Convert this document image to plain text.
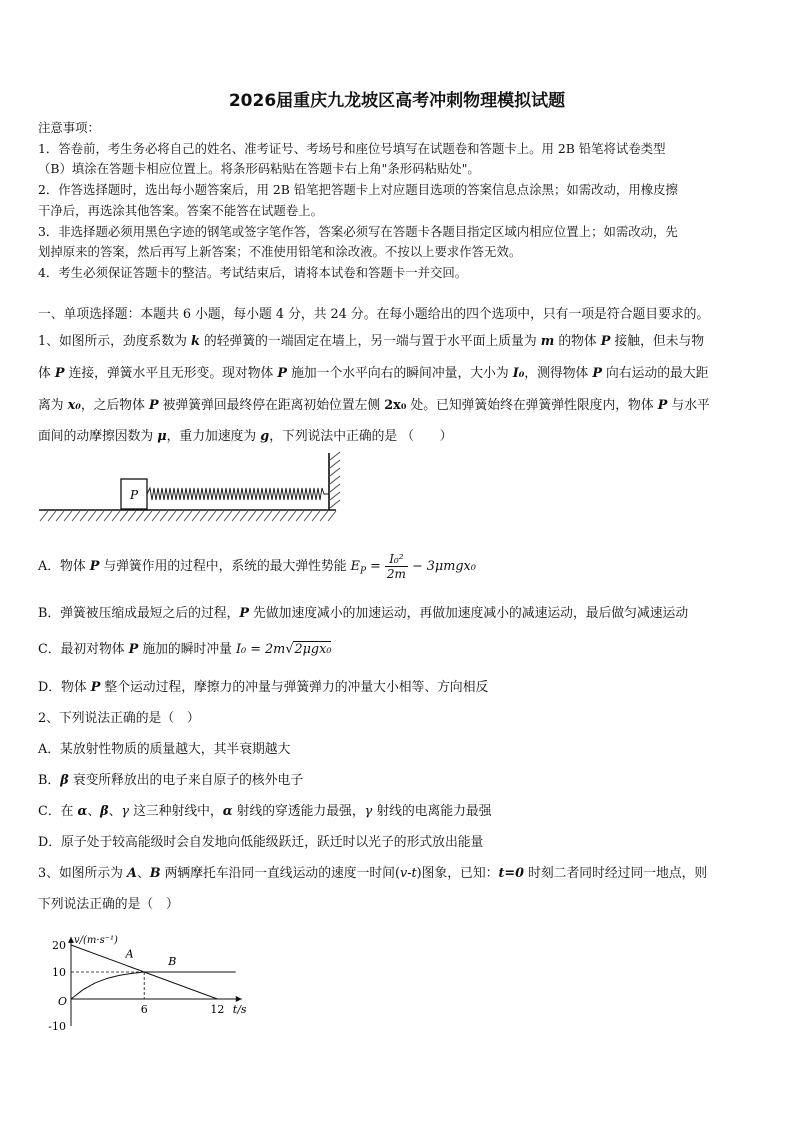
2026届重庆九龙坡区高考冲刺物理模拟试题
注意事项：
1．答卷前，考生务必将自己的姓名、准考证号、考场号和座位号填写在试题卷和答题卡上。用 2B 铅笔将试卷类型
（B）填涂在答题卡相应位置上。将条形码粘贴在答题卡右上角"条形码粘贴处"。
2．作答选择题时，选出每小题答案后，用 2B 铅笔把答题卡上对应题目选项的答案信息点涂黑；如需改动，用橡皮擦
干净后，再选涂其他答案。答案不能答在试题卷上。
3．非选择题必须用黑色字迹的钢笔或签字笔作答，答案必须写在答题卡各题目指定区域内相应位置上；如需改动，先
划掉原来的答案，然后再写上新答案；不准使用铅笔和涂改液。不按以上要求作答无效。
4．考生必须保证答题卡的整洁。考试结束后，请将本试卷和答题卡一并交回。
一、单项选择题：本题共 6 小题，每小题 4 分，共 24 分。在每小题给出的四个选项中，只有一项是符合题目要求的。
1、如图所示，劲度系数为 k 的轻弹簧的一端固定在墙上，另一端与置于水平面上质量为 m 的物体 P 接触，但未与物
体 P 连接，弹簧水平且无形变。现对物体 P 施加一个水平向右的瞬间冲量，大小为 I₀，测得物体 P 向右运动的最大距
离为 x₀，之后物体 P 被弹簧弹回最终停在距离初始位置左侧 2x₀ 处。已知弹簧始终在弹簧弹性限度内，物体 P 与水平
面间的动摩擦因数为 μ，重力加速度为 g，下列说法中正确的是 （　　）
P
A．物体 P 与弹簧作用的过程中，系统的最大弹性势能 $E_P = \frac{\text{I₀²}}{2m} - 3\mu mgx_0$
B．弹簧被压缩成最短之后的过程，P 先做加速度减小的加速运动，再做加速度减小的减速运动，最后做匀减速运动
C．最初对物体 P 施加的瞬时冲量 I₀ = 2m√2μgx₀
D．物体 P 整个运动过程，摩擦力的冲量与弹簧弹力的冲量大小相等、方向相反
2、下列说法正确的是（　）
A．某放射性物质的质量越大，其半衰期越大
B．β 衰变所释放出的电子来自原子的核外电子
C．在 α、β、γ 这三种射线中，α 射线的穿透能力最强，γ 射线的电离能力最强
D．原子处于较高能级时会自发地向低能级跃迁，跃迁时以光子的形式放出能量
3、如图所示为 A、B 两辆摩托车沿同一直线运动的速度一时间(v-t)图象，已知：t=0 时刻二者同时经过同一地点，则
下列说法正确的是（　）
v/(m·s⁻¹)
t/s
O
20
10
-10
6	12
A
B
